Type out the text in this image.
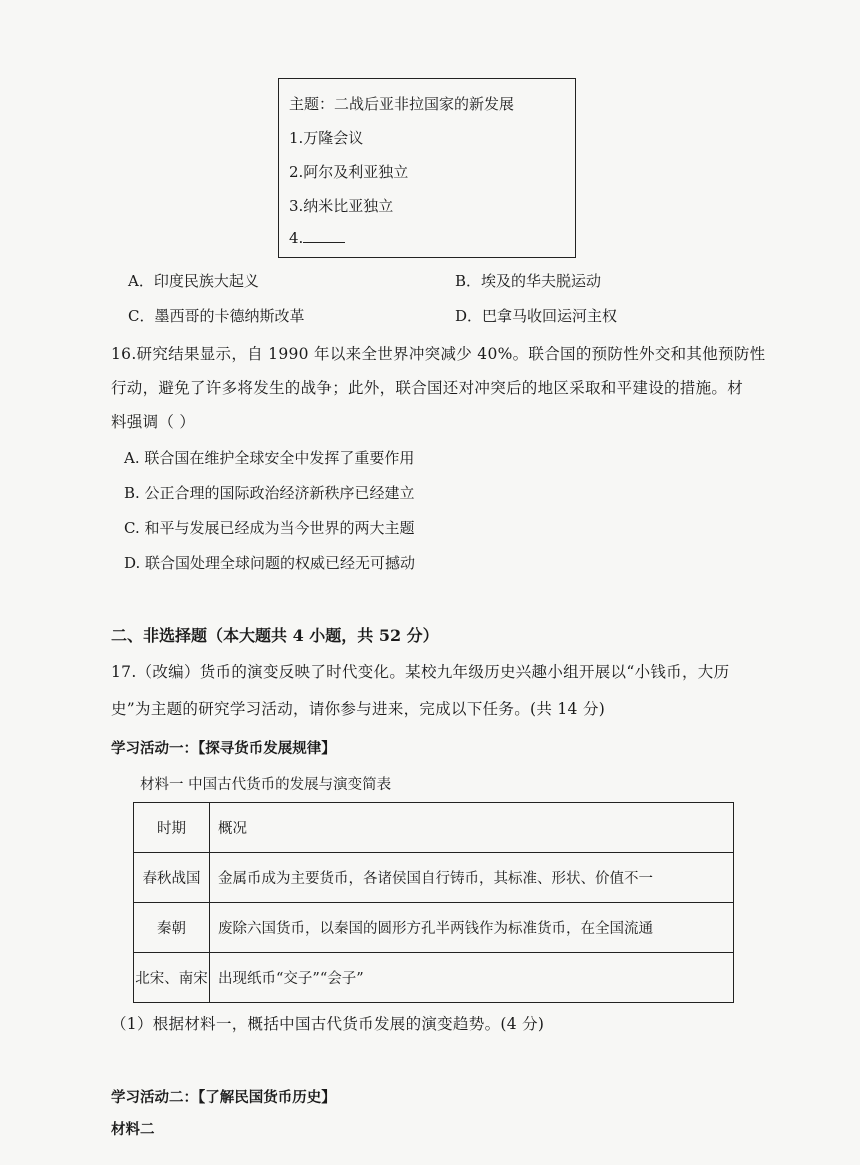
主题：二战后亚非拉国家的新发展
1.万隆会议
2.阿尔及利亚独立
3.纳米比亚独立
4.
A．印度民族大起义	B．埃及的华夫脱运动
C．墨西哥的卡德纳斯改革	D．巴拿马收回运河主权
16.研究结果显示，自 1990 年以来全世界冲突减少 40%。联合国的预防性外交和其他预防性
行动，避免了许多将发生的战争；此外，联合国还对冲突后的地区采取和平建设的措施。材
料强调（ ）
A. 联合国在维护全球安全中发挥了重要作用
B. 公正合理的国际政治经济新秩序已经建立
C. 和平与发展已经成为当今世界的两大主题
D. 联合国处理全球问题的权威已经无可撼动
二、非选择题（本大题共 4 小题，共 52 分）
17.（改编）货币的演变反映了时代变化。某校九年级历史兴趣小组开展以“小钱币，大历
史”为主题的研究学习活动，请你参与进来，完成以下任务。(共 14 分)
学习活动一：【探寻货币发展规律】
材料一 中国古代货币的发展与演变简表
时期	概况
春秋战国	金属币成为主要货币，各诸侯国自行铸币，其标准、形状、价值不一
秦朝	废除六国货币，以秦国的圆形方孔半两钱作为标准货币，在全国流通
北宋、南宋	出现纸币“交子”“会子”
（1）根据材料一，概括中国古代货币发展的演变趋势。(4 分)
学习活动二：【了解民国货币历史】
材料二
